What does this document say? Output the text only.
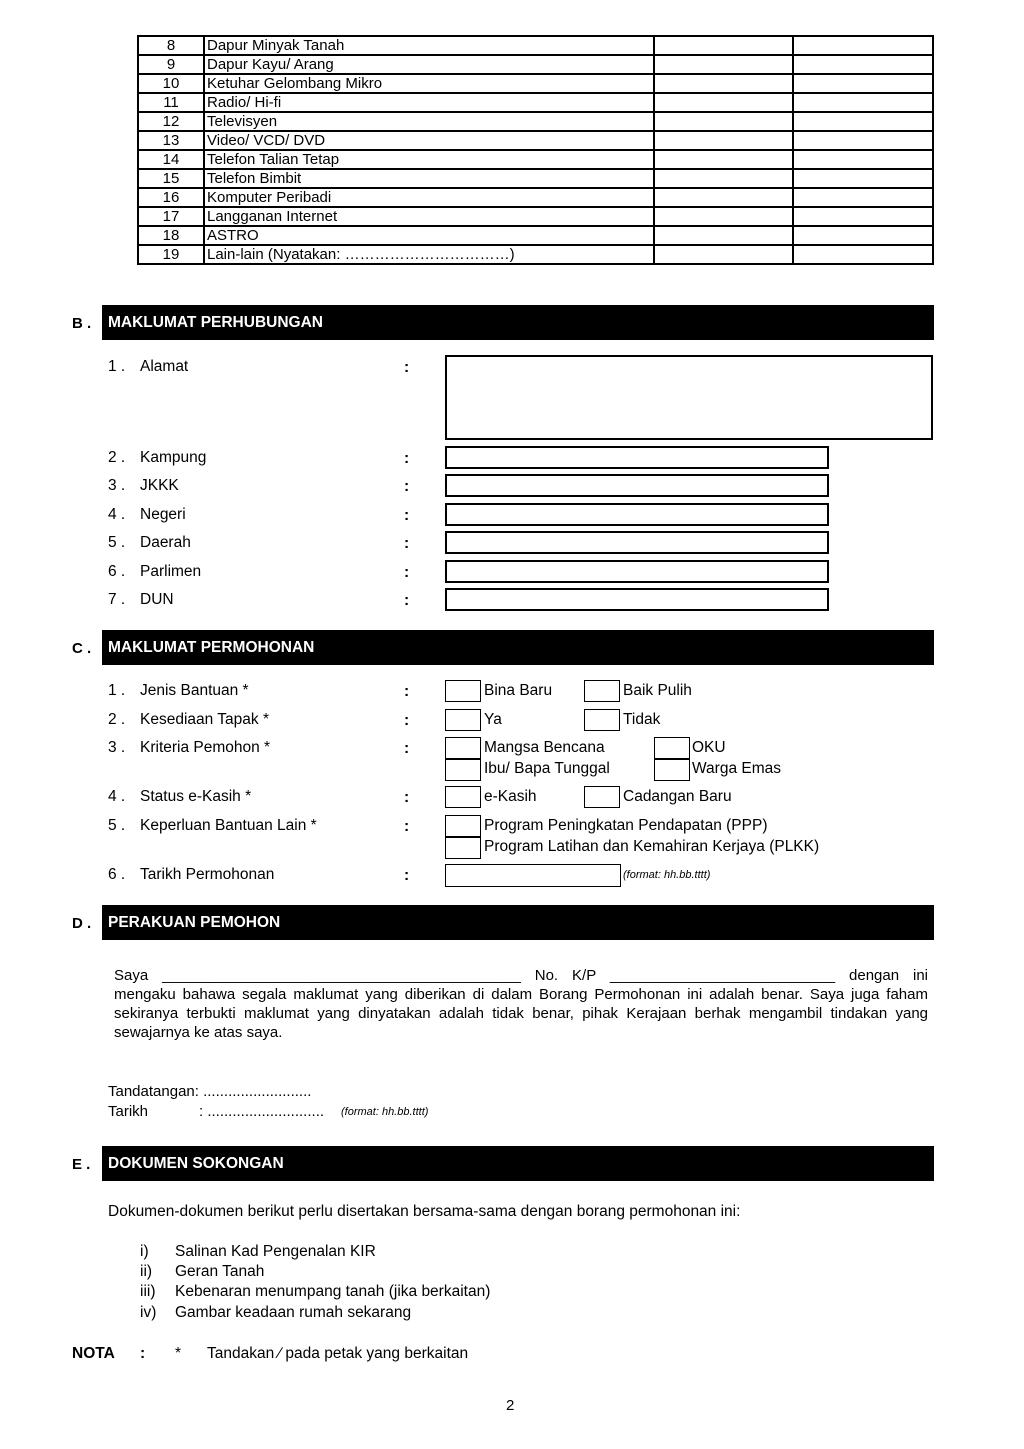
8	Dapur Minyak Tanah		
9	Dapur Kayu/ Arang		
10	Ketuhar Gelombang Mikro		
11	Radio/ Hi-fi		
12	Televisyen		
13	Video/ VCD/ DVD		
14	Telefon Talian Tetap		
15	Telefon Bimbit		
16	Komputer Peribadi		
17	Langganan Internet		
18	ASTRO		
19	Lain-lain (Nyatakan: ……………………………)		
B .	MAKLUMAT PERHUBUNGAN
1 . Alamat	:
2 . Kampung	:
3 . JKKK	:
4 . Negeri	:
5 . Daerah	:
6 . Parlimen	:
7 . DUN	:
C .	MAKLUMAT PERMOHONAN
1 . Jenis Bantuan *	:	Bina Baru	Baik Pulih
2 . Kesediaan Tapak *	:	Ya	Tidak
3 . Kriteria Pemohon *	:	Mangsa Bencana	OKU
Ibu/ Bapa Tunggal	Warga Emas
4 . Status e-Kasih *	:	e-Kasih	Cadangan Baru
5 . Keperluan Bantuan Lain *	:	Program Peningkatan Pendapatan (PPP)
Program Latihan dan Kemahiran Kerjaya (PLKK)
6 . Tarikh Permohonan	:	(format: hh.bb.tttt)
D .	PERAKUAN PEMOHON
Saya ___________________________________________ No. K/P ___________________________ dengan ini mengaku bahawa segala maklumat yang diberikan di dalam Borang Permohonan ini adalah benar. Saya juga faham sekiranya terbukti maklumat yang dinyatakan adalah tidak benar, pihak Kerajaan berhak mengambil tindakan yang sewajarnya ke atas saya.
Tandatangan: ..........................
Tarikh	: ............................ (format: hh.bb.tttt)
E .	DOKUMEN SOKONGAN
Dokumen-dokumen berikut perlu disertakan bersama-sama dengan borang permohonan ini:
i) Salinan Kad Pengenalan KIR
ii) Geran Tanah
iii) Kebenaran menumpang tanah (jika berkaitan)
iv) Gambar keadaan rumah sekarang
NOTA : * Tandakan ∕ pada petak yang berkaitan
2
